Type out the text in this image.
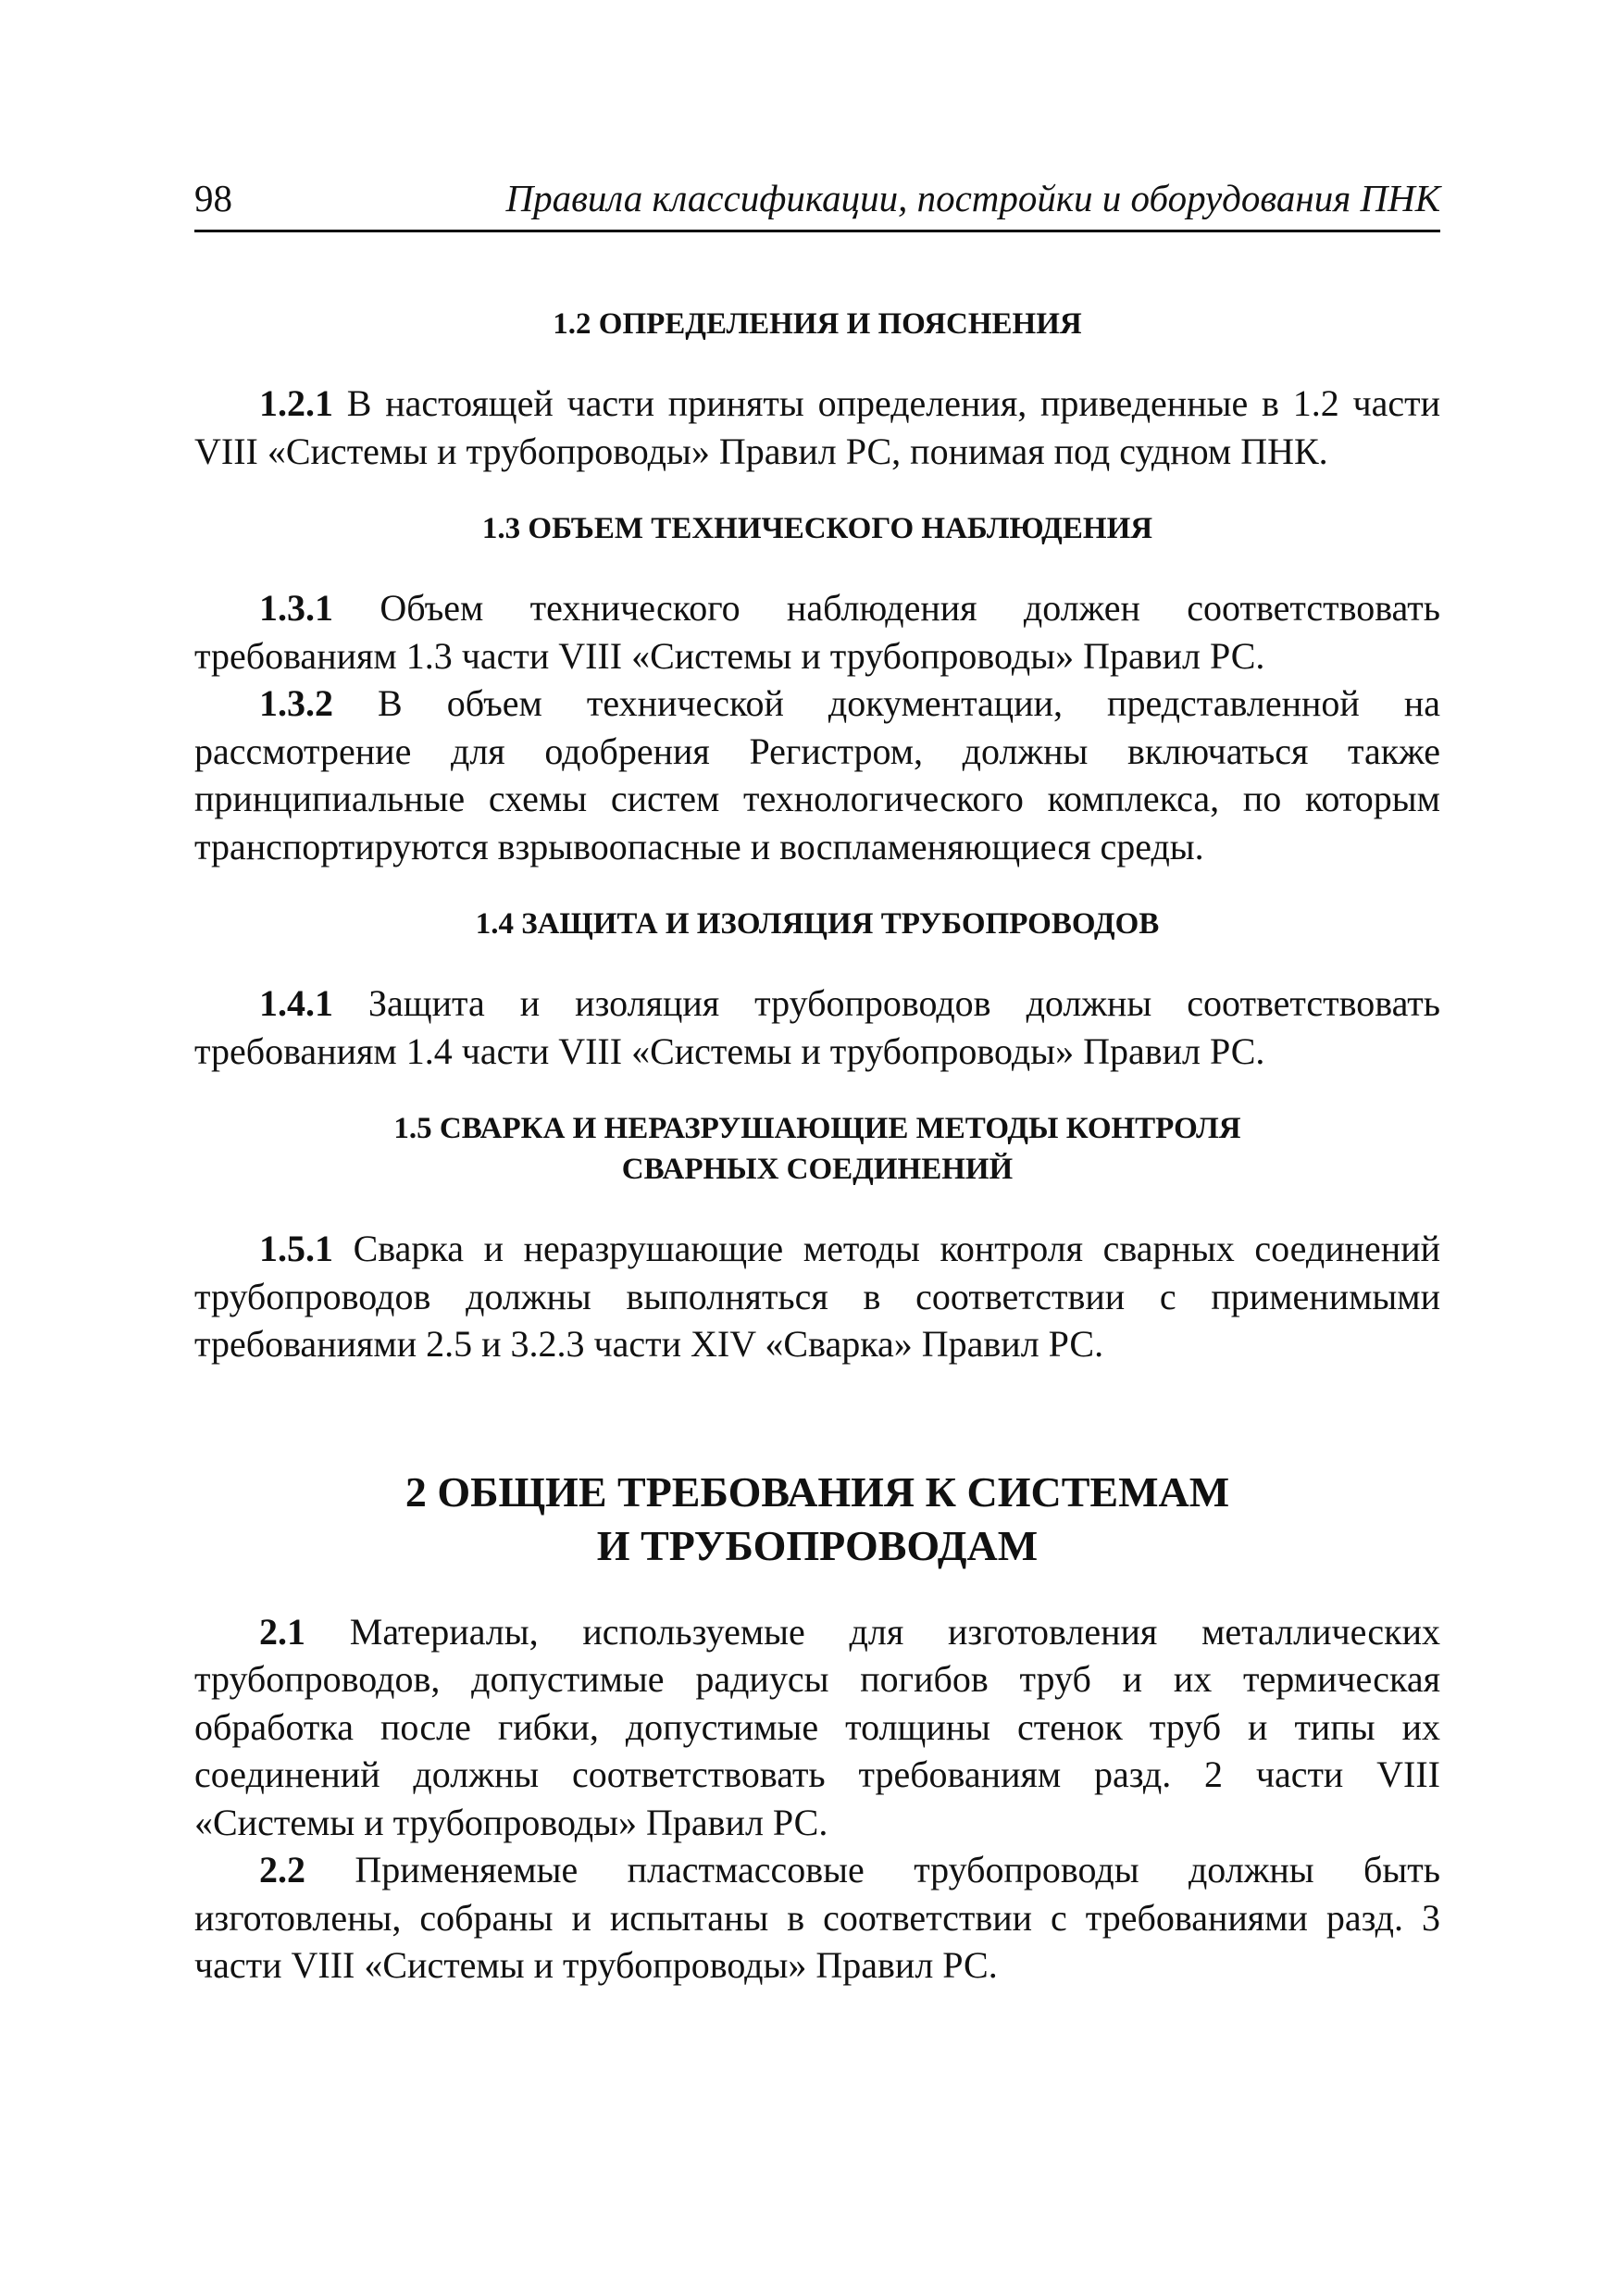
98	Правила классификации, постройки и оборудования ПНК
1.2 ОПРЕДЕЛЕНИЯ И ПОЯСНЕНИЯ

1.2.1 В настоящей части приняты определения, приведенные в 1.2 части VIII «Системы и трубопроводы» Правил РС, понимая под судном ПНК.

1.3 ОБЪЕМ ТЕХНИЧЕСКОГО НАБЛЮДЕНИЯ

1.3.1 Объем технического наблюдения должен соответствовать требованиям 1.3 части VIII «Системы и трубопроводы» Правил РС.

1.3.2 В объем технической документации, представленной на рассмотрение для одобрения Регистром, должны включаться также принципиальные схемы систем технологического комплекса, по которым транспортируются взрывоопасные и воспламеняющиеся среды.

1.4 ЗАЩИТА И ИЗОЛЯЦИЯ ТРУБОПРОВОДОВ

1.4.1 Защита и изоляция трубопроводов должны соответствовать требованиям 1.4 части VIII «Системы и трубопроводы» Правил РС.

1.5 СВАРКА И НЕРАЗРУШАЮЩИЕ МЕТОДЫ КОНТРОЛЯ
СВАРНЫХ СОЕДИНЕНИЙ

1.5.1 Сварка и неразрушающие методы контроля сварных соединений трубопроводов должны выполняться в соответствии с применимыми требованиями 2.5 и 3.2.3 части XIV «Сварка» Правил РС.

2 ОБЩИЕ ТРЕБОВАНИЯ К СИСТЕМАМ
И ТРУБОПРОВОДАМ

2.1 Материалы, используемые для изготовления металлических трубопроводов, допустимые радиусы погибов труб и их термическая обработка после гибки, допустимые толщины стенок труб и типы их соединений должны соответствовать требованиям разд. 2 части VIII «Системы и трубопроводы» Правил РС.

2.2 Применяемые пластмассовые трубопроводы должны быть изготовлены, собраны и испытаны в соответствии с требованиями разд. 3 части VIII «Системы и трубопроводы» Правил РС.
